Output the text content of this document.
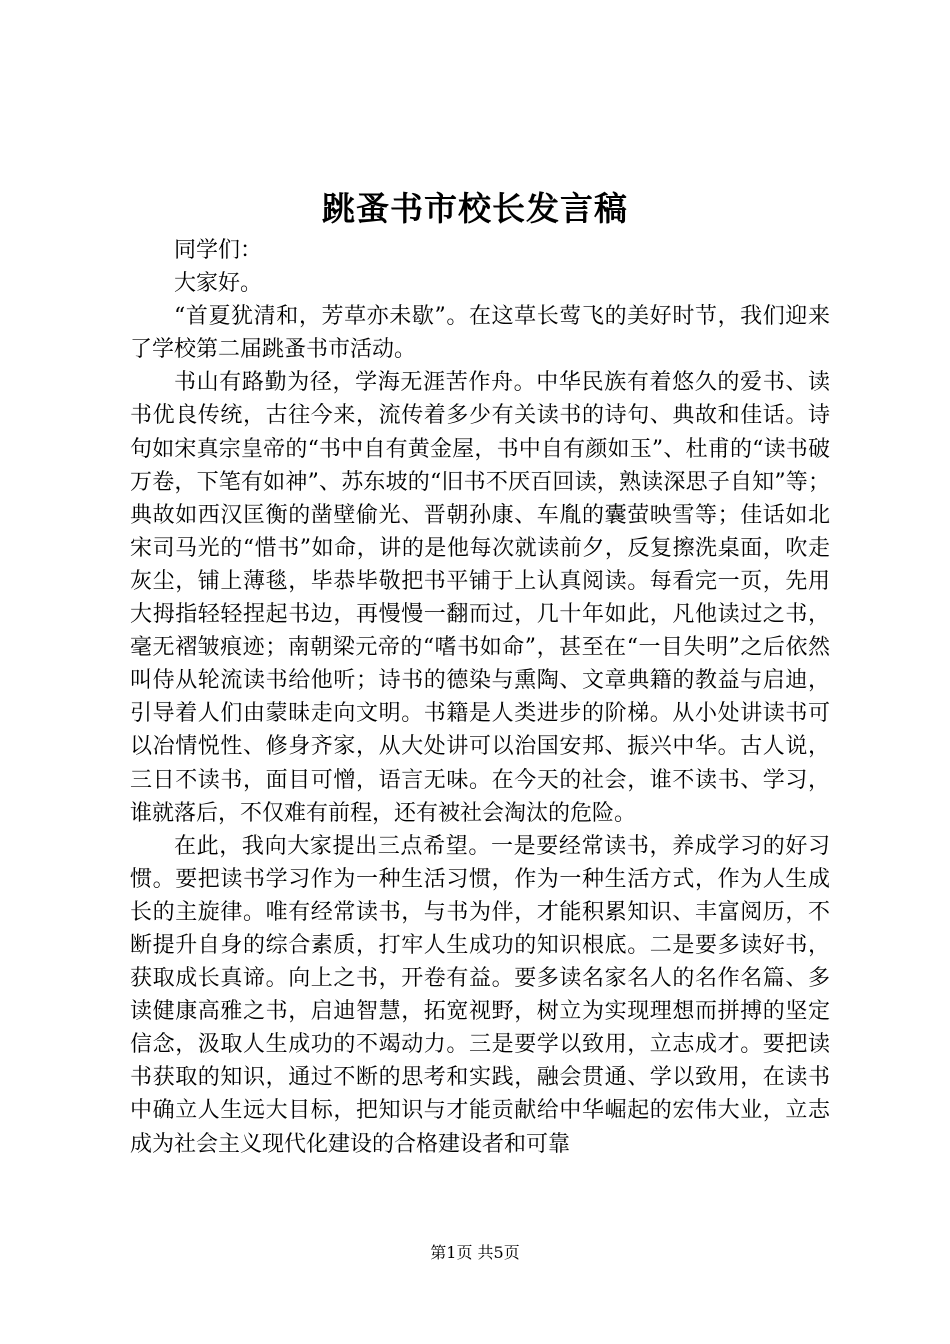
跳蚤书市校长发言稿

同学们：

大家好。

“首夏犹清和，芳草亦未歇”。在这草长莺飞的美好时节，我们迎来了学校第二届跳蚤书市活动。

书山有路勤为径，学海无涯苦作舟。中华民族有着悠久的爱书、读书优良传统，古往今来，流传着多少有关读书的诗句、典故和佳话。诗句如宋真宗皇帝的“书中自有黄金屋，书中自有颜如玉”、杜甫的“读书破万卷，下笔有如神”、苏东坡的“旧书不厌百回读，熟读深思子自知”等；典故如西汉匡衡的凿壁偷光、晋朝孙康、车胤的囊萤映雪等；佳话如北宋司马光的“惜书”如命，讲的是他每次就读前夕，反复擦洗桌面，吹走灰尘，铺上薄毯，毕恭毕敬把书平铺于上认真阅读。每看完一页，先用大拇指轻轻捏起书边，再慢慢一翻而过，几十年如此，凡他读过之书，毫无褶皱痕迹；南朝梁元帝的“嗜书如命”，甚至在“一目失明”之后依然叫侍从轮流读书给他听；诗书的德染与熏陶、文章典籍的教益与启迪，引导着人们由蒙昧走向文明。书籍是人类进步的阶梯。从小处讲读书可以冶情悦性、修身齐家，从大处讲可以治国安邦、振兴中华。古人说，三日不读书，面目可憎，语言无味。在今天的社会，谁不读书、学习，谁就落后，不仅难有前程，还有被社会淘汰的危险。

在此，我向大家提出三点希望。一是要经常读书，养成学习的好习惯。要把读书学习作为一种生活习惯，作为一种生活方式，作为人生成长的主旋律。唯有经常读书，与书为伴，才能积累知识、丰富阅历，不断提升自身的综合素质，打牢人生成功的知识根底。二是要多读好书，获取成长真谛。向上之书，开卷有益。要多读名家名人的名作名篇、多读健康高雅之书，启迪智慧，拓宽视野，树立为实现理想而拼搏的坚定信念，汲取人生成功的不竭动力。三是要学以致用，立志成才。要把读书获取的知识，通过不断的思考和实践，融会贯通、学以致用，在读书中确立人生远大目标，把知识与才能贡献给中华崛起的宏伟大业，立志成为社会主义现代化建设的合格建设者和可靠

第1页 共5页
